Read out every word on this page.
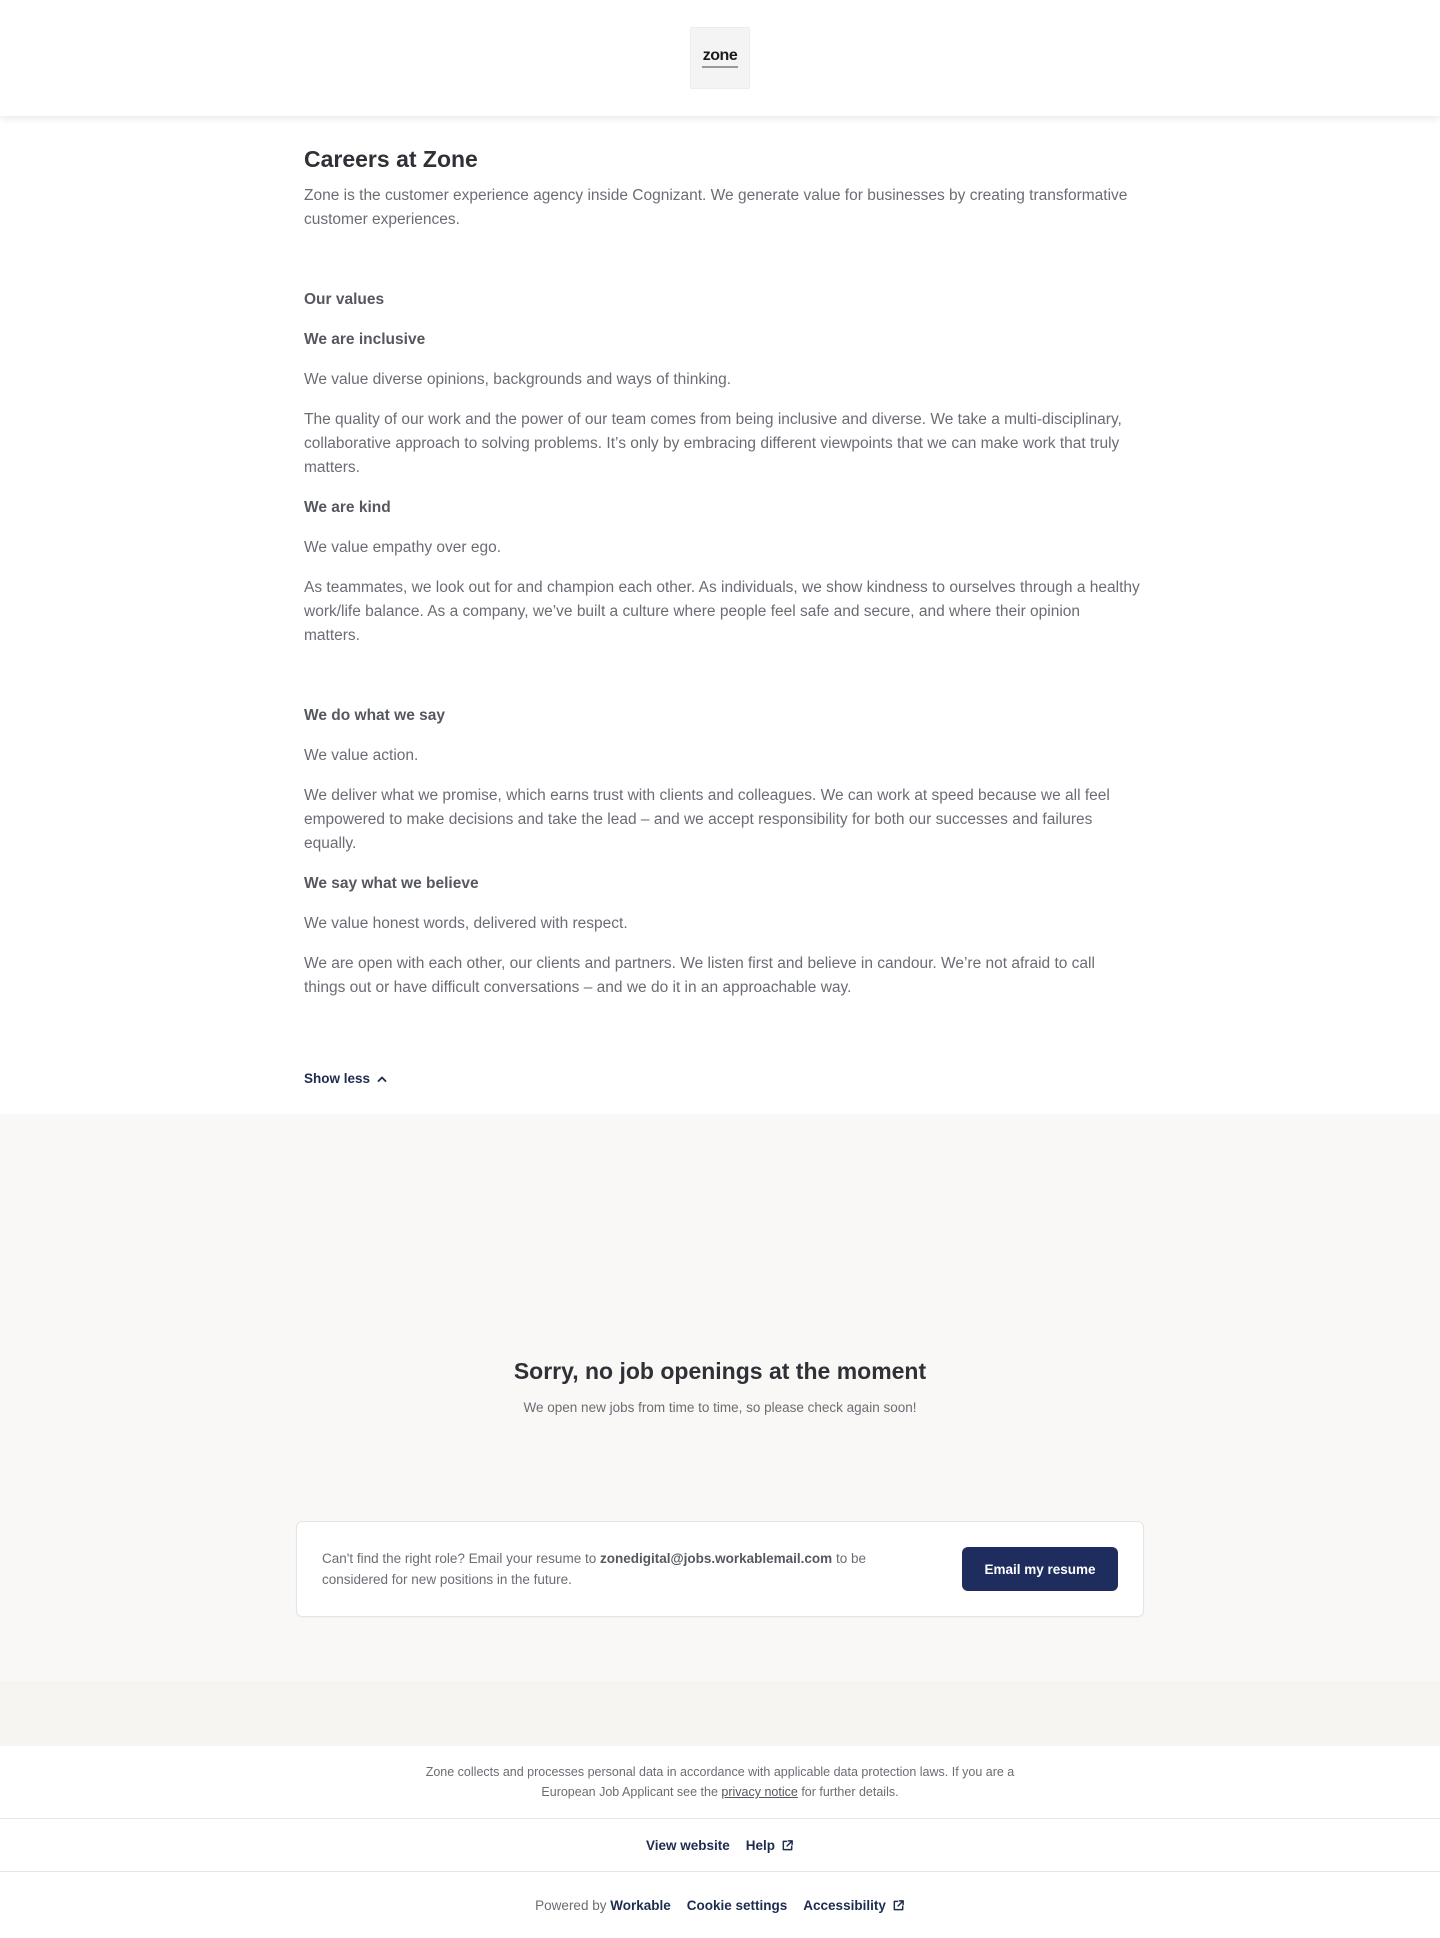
zone
Careers at Zone

Zone is the customer experience agency inside Cognizant. We generate value for businesses by creating transformative customer experiences.

Our values

We are inclusive

We value diverse opinions, backgrounds and ways of thinking.

The quality of our work and the power of our team comes from being inclusive and diverse. We take a multi-disciplinary, collaborative approach to solving problems. It’s only by embracing different viewpoints that we can make work that truly matters.

We are kind

We value empathy over ego.

As teammates, we look out for and champion each other. As individuals, we show kindness to ourselves through a healthy work/life balance. As a company, we’ve built a culture where people feel safe and secure, and where their opinion matters.

We do what we say

We value action.

We deliver what we promise, which earns trust with clients and colleagues. We can work at speed because we all feel empowered to make decisions and take the lead – and we accept responsibility for both our successes and failures equally.

We say what we believe

We value honest words, delivered with respect.

We are open with each other, our clients and partners. We listen first and believe in candour. We’re not afraid to call things out or have difficult conversations – and we do it in an approachable way.

Show less
Sorry, no job openings at the moment

We open new jobs from time to time, so please check again soon!

Can't find the right role? Email your resume to zonedigital@jobs.workablemail.com to be considered for new positions in the future.

Email my resume

Zone collects and processes personal data in accordance with applicable data protection laws. If you are a European Job Applicant see the privacy notice for further details.

View website Help
Powered by Workable Cookie settings Accessibility
